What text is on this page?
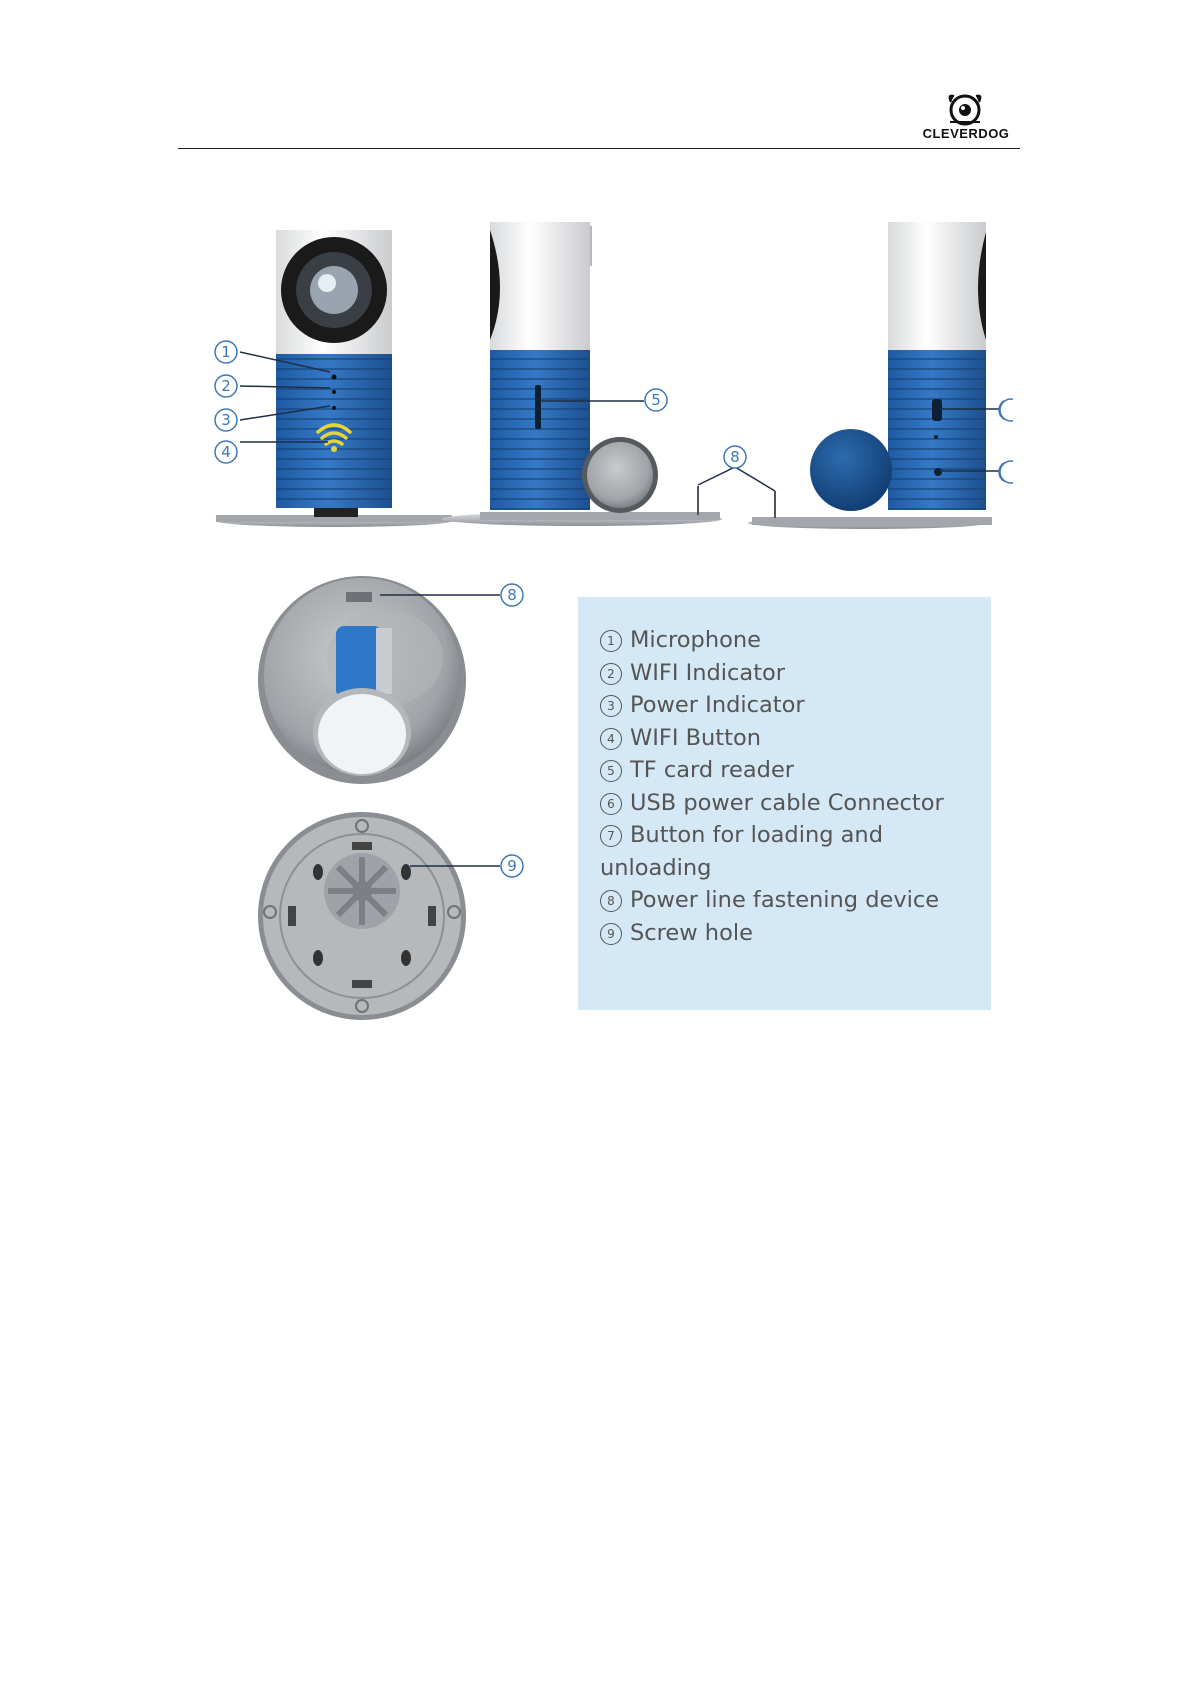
CLEVERDOG
1
2
3
4
5
8
8
9
1 Microphone
2 WIFI Indicator
3 Power Indicator
4 WIFI Button
5 TF card reader
6 USB power cable Connector
7 Button for loading and
unloading
8 Power line fastening device
9 Screw hole
